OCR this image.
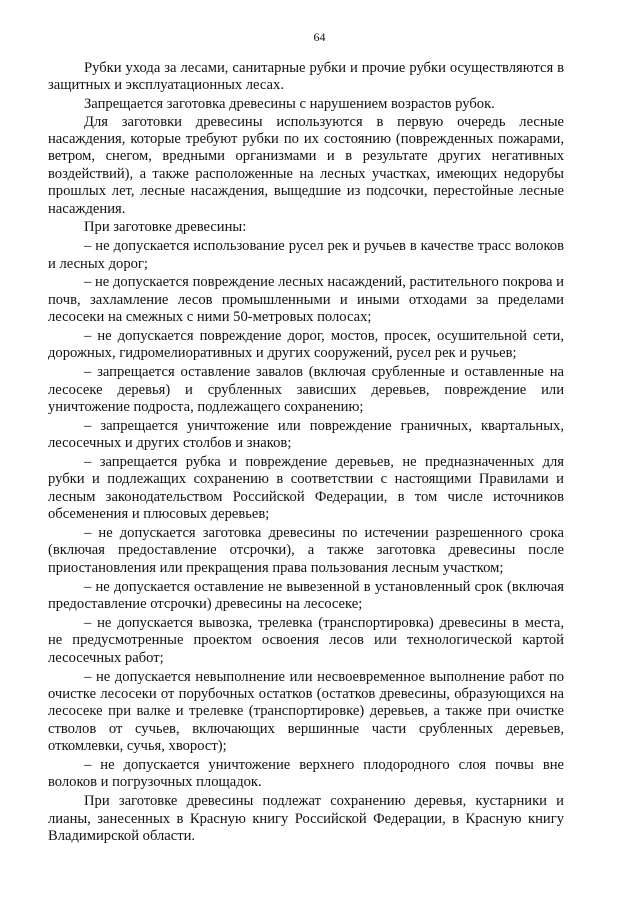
64

Рубки ухода за лесами, санитарные рубки и прочие рубки осуществляются в защитных и эксплуатационных лесах.

Запрещается заготовка древесины с нарушением возрастов рубок.

Для заготовки древесины используются в первую очередь лесные насаждения, которые требуют рубки по их состоянию (поврежденных пожарами, ветром, снегом, вредными организмами и в результате других негативных воздействий), а также расположенные на лесных участках, имеющих недорубы прошлых лет, лесные насаждения, выщедшие из подсочки, перестойные лесные насаждения.

При заготовке древесины:

– не допускается использование русел рек и ручьев в качестве трасс волоков и лесных дорог;

– не допускается повреждение лесных насаждений, растительного покрова и почв, захламление лесов промышленными и иными отходами за пределами лесосеки на смежных с ними 50-метровых полосах;

– не допускается повреждение дорог, мостов, просек, осушительной сети, дорожных, гидромелиоративных и других сооружений, русел рек и ручьев;

– запрещается оставление завалов (включая срубленные и оставленные на лесосеке деревья) и срубленных зависших деревьев, повреждение или уничтожение подроста, подлежащего сохранению;

– запрещается уничтожение или повреждение граничных, квартальных, лесосечных и других столбов и знаков;

– запрещается рубка и повреждение деревьев, не предназначенных для рубки и подлежащих сохранению в соответствии с настоящими Правилами и лесным законодательством Российской Федерации, в том числе источников обсеменения и плюсовых деревьев;

– не допускается заготовка древесины по истечении разрешенного срока (включая предоставление отсрочки), а также заготовка древесины после приостановления или прекращения права пользования лесным участком;

– не допускается оставление не вывезенной в установленный срок (включая предоставление отсрочки) древесины на лесосеке;

– не допускается вывозка, трелевка (транспортировка) древесины в места, не предусмотренные проектом освоения лесов или технологической картой лесосечных работ;

– не допускается невыполнение или несвоевременное выполнение работ по очистке лесосеки от порубочных остатков (остатков древесины, образующихся на лесосеке при валке и трелевке (транспортировке) деревьев, а также при очистке стволов от сучьев, включающих вершинные части срубленных деревьев, откомлевки, сучья, хворост);

– не допускается уничтожение верхнего плодородного слоя почвы вне волоков и погрузочных площадок.

При заготовке древесины подлежат сохранению деревья, кустарники и лианы, занесенных в Красную книгу Российской Федерации, в Красную книгу Владимирской области.
